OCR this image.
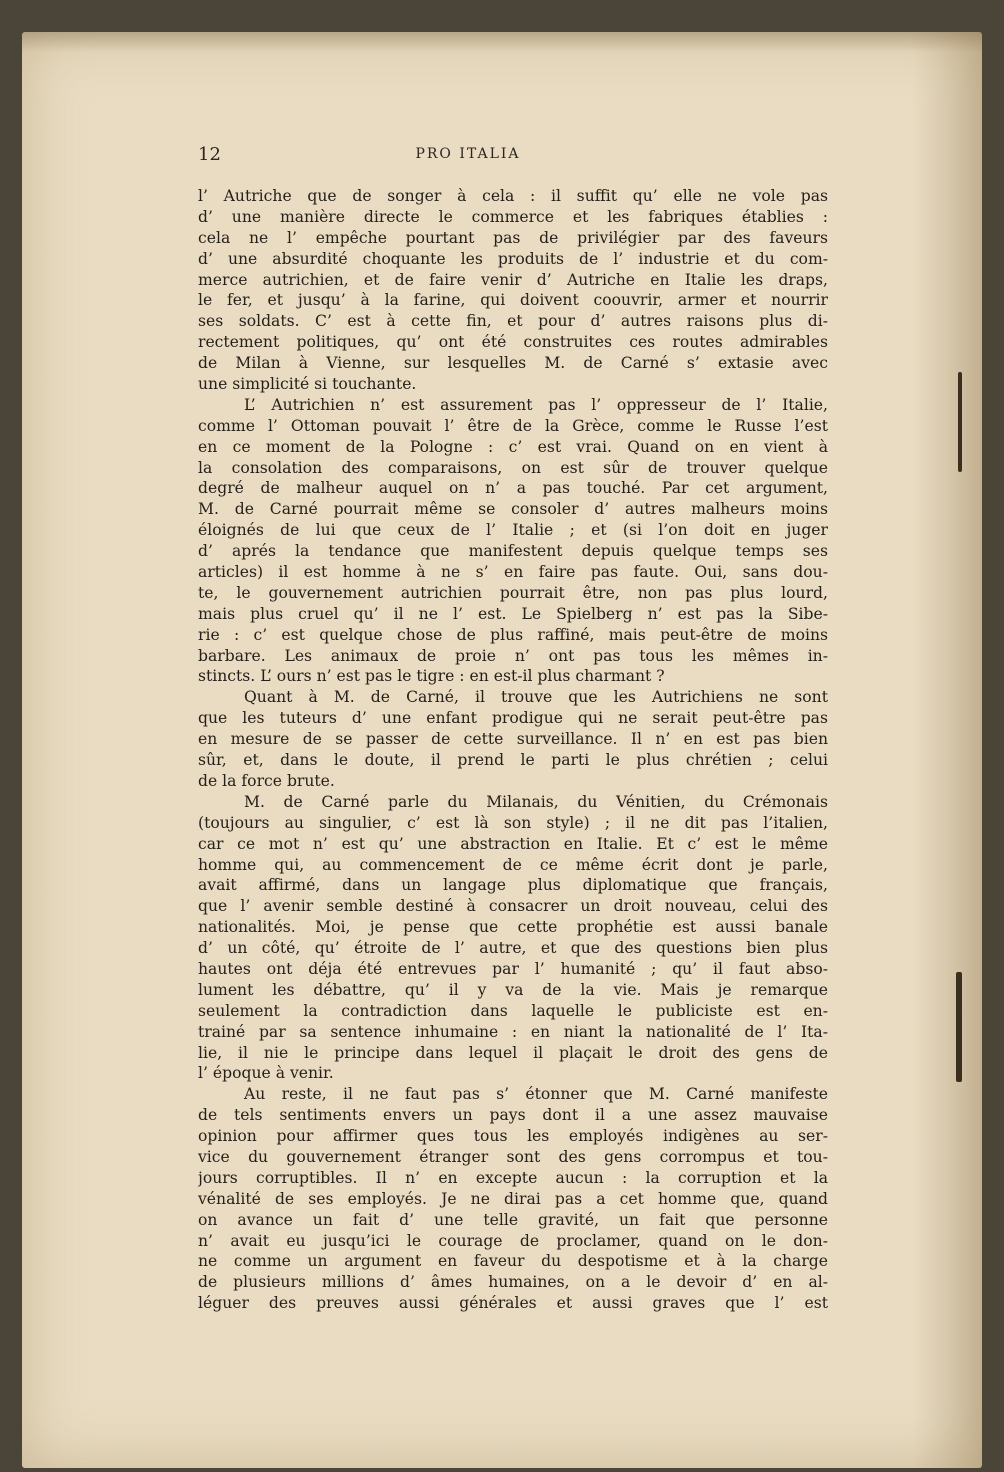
12	PRO ITALIA
l’ Autriche que de songer à cela : il suffit qu’ elle ne vole pas
d’ une manière directe le commerce et les fabriques établies :
cela ne l’ empêche pourtant pas de privilégier par des faveurs
d’ une absurdité choquante les produits de l’ industrie et du com-
merce autrichien, et de faire venir d’ Autriche en Italie les draps,
le fer, et jusqu’ à la farine, qui doivent coouvrir, armer et nourrir
ses soldats. C’ est à cette fin, et pour d’ autres raisons plus di-
rectement politiques, qu’ ont été construites ces routes admirables
de Milan à Vienne, sur lesquelles M. de Carné s’ extasie avec
une simplicité si touchante.
L’ Autrichien n’ est assurement pas l’ oppresseur de l’ Italie,
comme l’ Ottoman pouvait l’ être de la Grèce, comme le Russe l’est
en ce moment de la Pologne : c’ est vrai. Quand on en vient à
la consolation des comparaisons, on est sûr de trouver quelque
degré de malheur auquel on n’ a pas touché. Par cet argument,
M. de Carné pourrait même se consoler d’ autres malheurs moins
éloignés de lui que ceux de l’ Italie ; et (si l’on doit en juger
d’ aprés la tendance que manifestent depuis quelque temps ses
articles) il est homme à ne s’ en faire pas faute. Oui, sans dou-
te, le gouvernement autrichien pourrait être, non pas plus lourd,
mais plus cruel qu’ il ne l’ est. Le Spielberg n’ est pas la Sibe-
rie : c’ est quelque chose de plus raffiné, mais peut-être de moins
barbare. Les animaux de proie n’ ont pas tous les mêmes in-
stincts. L’ ours n’ est pas le tigre : en est-il plus charmant ?
Quant à M. de Carné, il trouve que les Autrichiens ne sont
que les tuteurs d’ une enfant prodigue qui ne serait peut-être pas
en mesure de se passer de cette surveillance. Il n’ en est pas bien
sûr, et, dans le doute, il prend le parti le plus chrétien ; celui
de la force brute.
M. de Carné parle du Milanais, du Vénitien, du Crémonais
(toujours au singulier, c’ est là son style) ; il ne dit pas l’italien,
car ce mot n’ est qu’ une abstraction en Italie. Et c’ est le même
homme qui, au commencement de ce même écrit dont je parle,
avait affirmé, dans un langage plus diplomatique que français,
que l’ avenir semble destiné à consacrer un droit nouveau, celui des
nationalités. Moi, je pense que cette prophétie est aussi banale
d’ un côté, qu’ étroite de l’ autre, et que des questions bien plus
hautes ont déja été entrevues par l’ humanité ; qu’ il faut abso-
lument les débattre, qu’ il y va de la vie. Mais je remarque
seulement la contradiction dans laquelle le publiciste est en-
trainé par sa sentence inhumaine : en niant la nationalité de l’ Ita-
lie, il nie le principe dans lequel il plaçait le droit des gens de
l’ époque à venir.
Au reste, il ne faut pas s’ étonner que M. Carné manifeste
de tels sentiments envers un pays dont il a une assez mauvaise
opinion pour affirmer ques tous les employés indigènes au ser-
vice du gouvernement étranger sont des gens corrompus et tou-
jours corruptibles. Il n’ en excepte aucun : la corruption et la
vénalité de ses employés. Je ne dirai pas a cet homme que, quand
on avance un fait d’ une telle gravité, un fait que personne
n’ avait eu jusqu’ici le courage de proclamer, quand on le don-
ne comme un argument en faveur du despotisme et à la charge
de plusieurs millions d’ âmes humaines, on a le devoir d’ en al-
léguer des preuves aussi générales et aussi graves que l’ est
